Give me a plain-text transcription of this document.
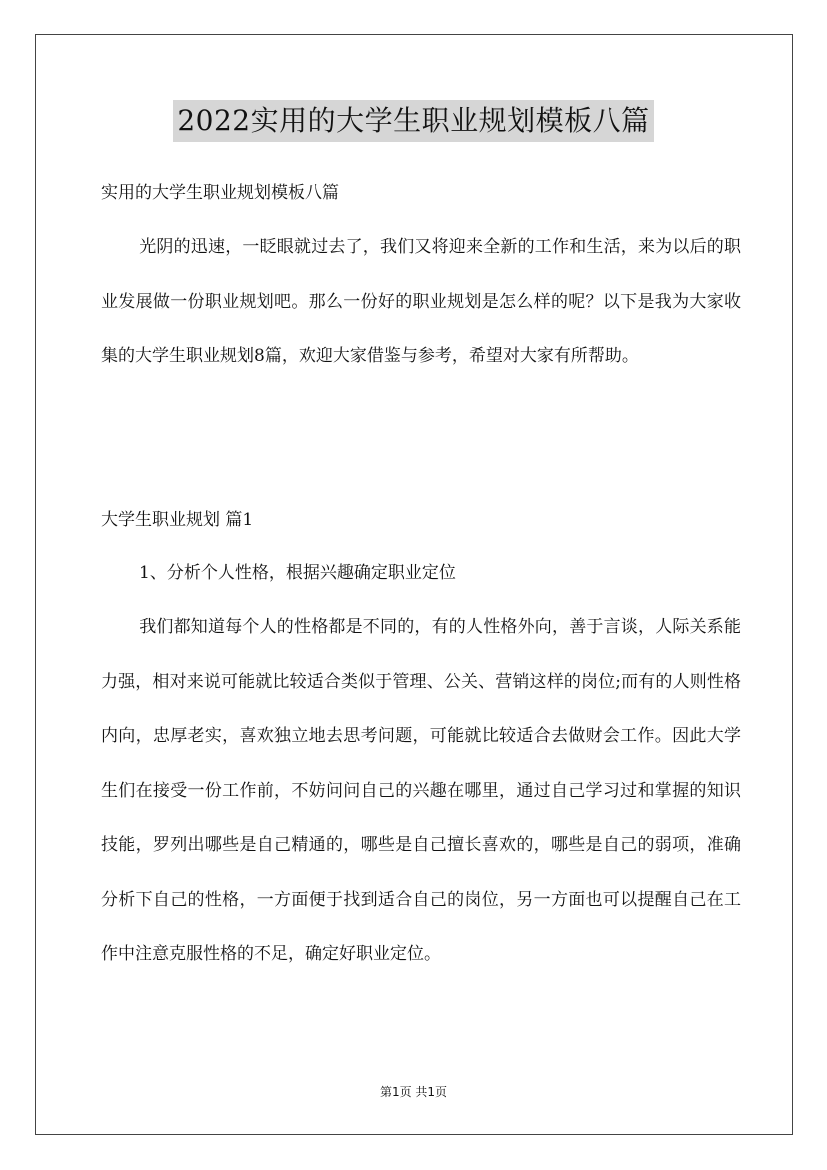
2022实用的大学生职业规划模板八篇
实用的大学生职业规划模板八篇
光阴的迅速，一眨眼就过去了，我们又将迎来全新的工作和生活，来为以后的职业发展做一份职业规划吧。那么一份好的职业规划是怎么样的呢？以下是我为大家收集的大学生职业规划8篇，欢迎大家借鉴与参考，希望对大家有所帮助。
大学生职业规划 篇1
1、分析个人性格，根据兴趣确定职业定位
我们都知道每个人的性格都是不同的，有的人性格外向，善于言谈，人际关系能力强，相对来说可能就比较适合类似于管理、公关、营销这样的岗位;而有的人则性格内向，忠厚老实，喜欢独立地去思考问题，可能就比较适合去做财会工作。因此大学生们在接受一份工作前，不妨问问自己的兴趣在哪里，通过自己学习过和掌握的知识技能，罗列出哪些是自己精通的，哪些是自己擅长喜欢的，哪些是自己的弱项，准确分析下自己的性格，一方面便于找到适合自己的岗位，另一方面也可以提醒自己在工作中注意克服性格的不足，确定好职业定位。
第1页 共1页
